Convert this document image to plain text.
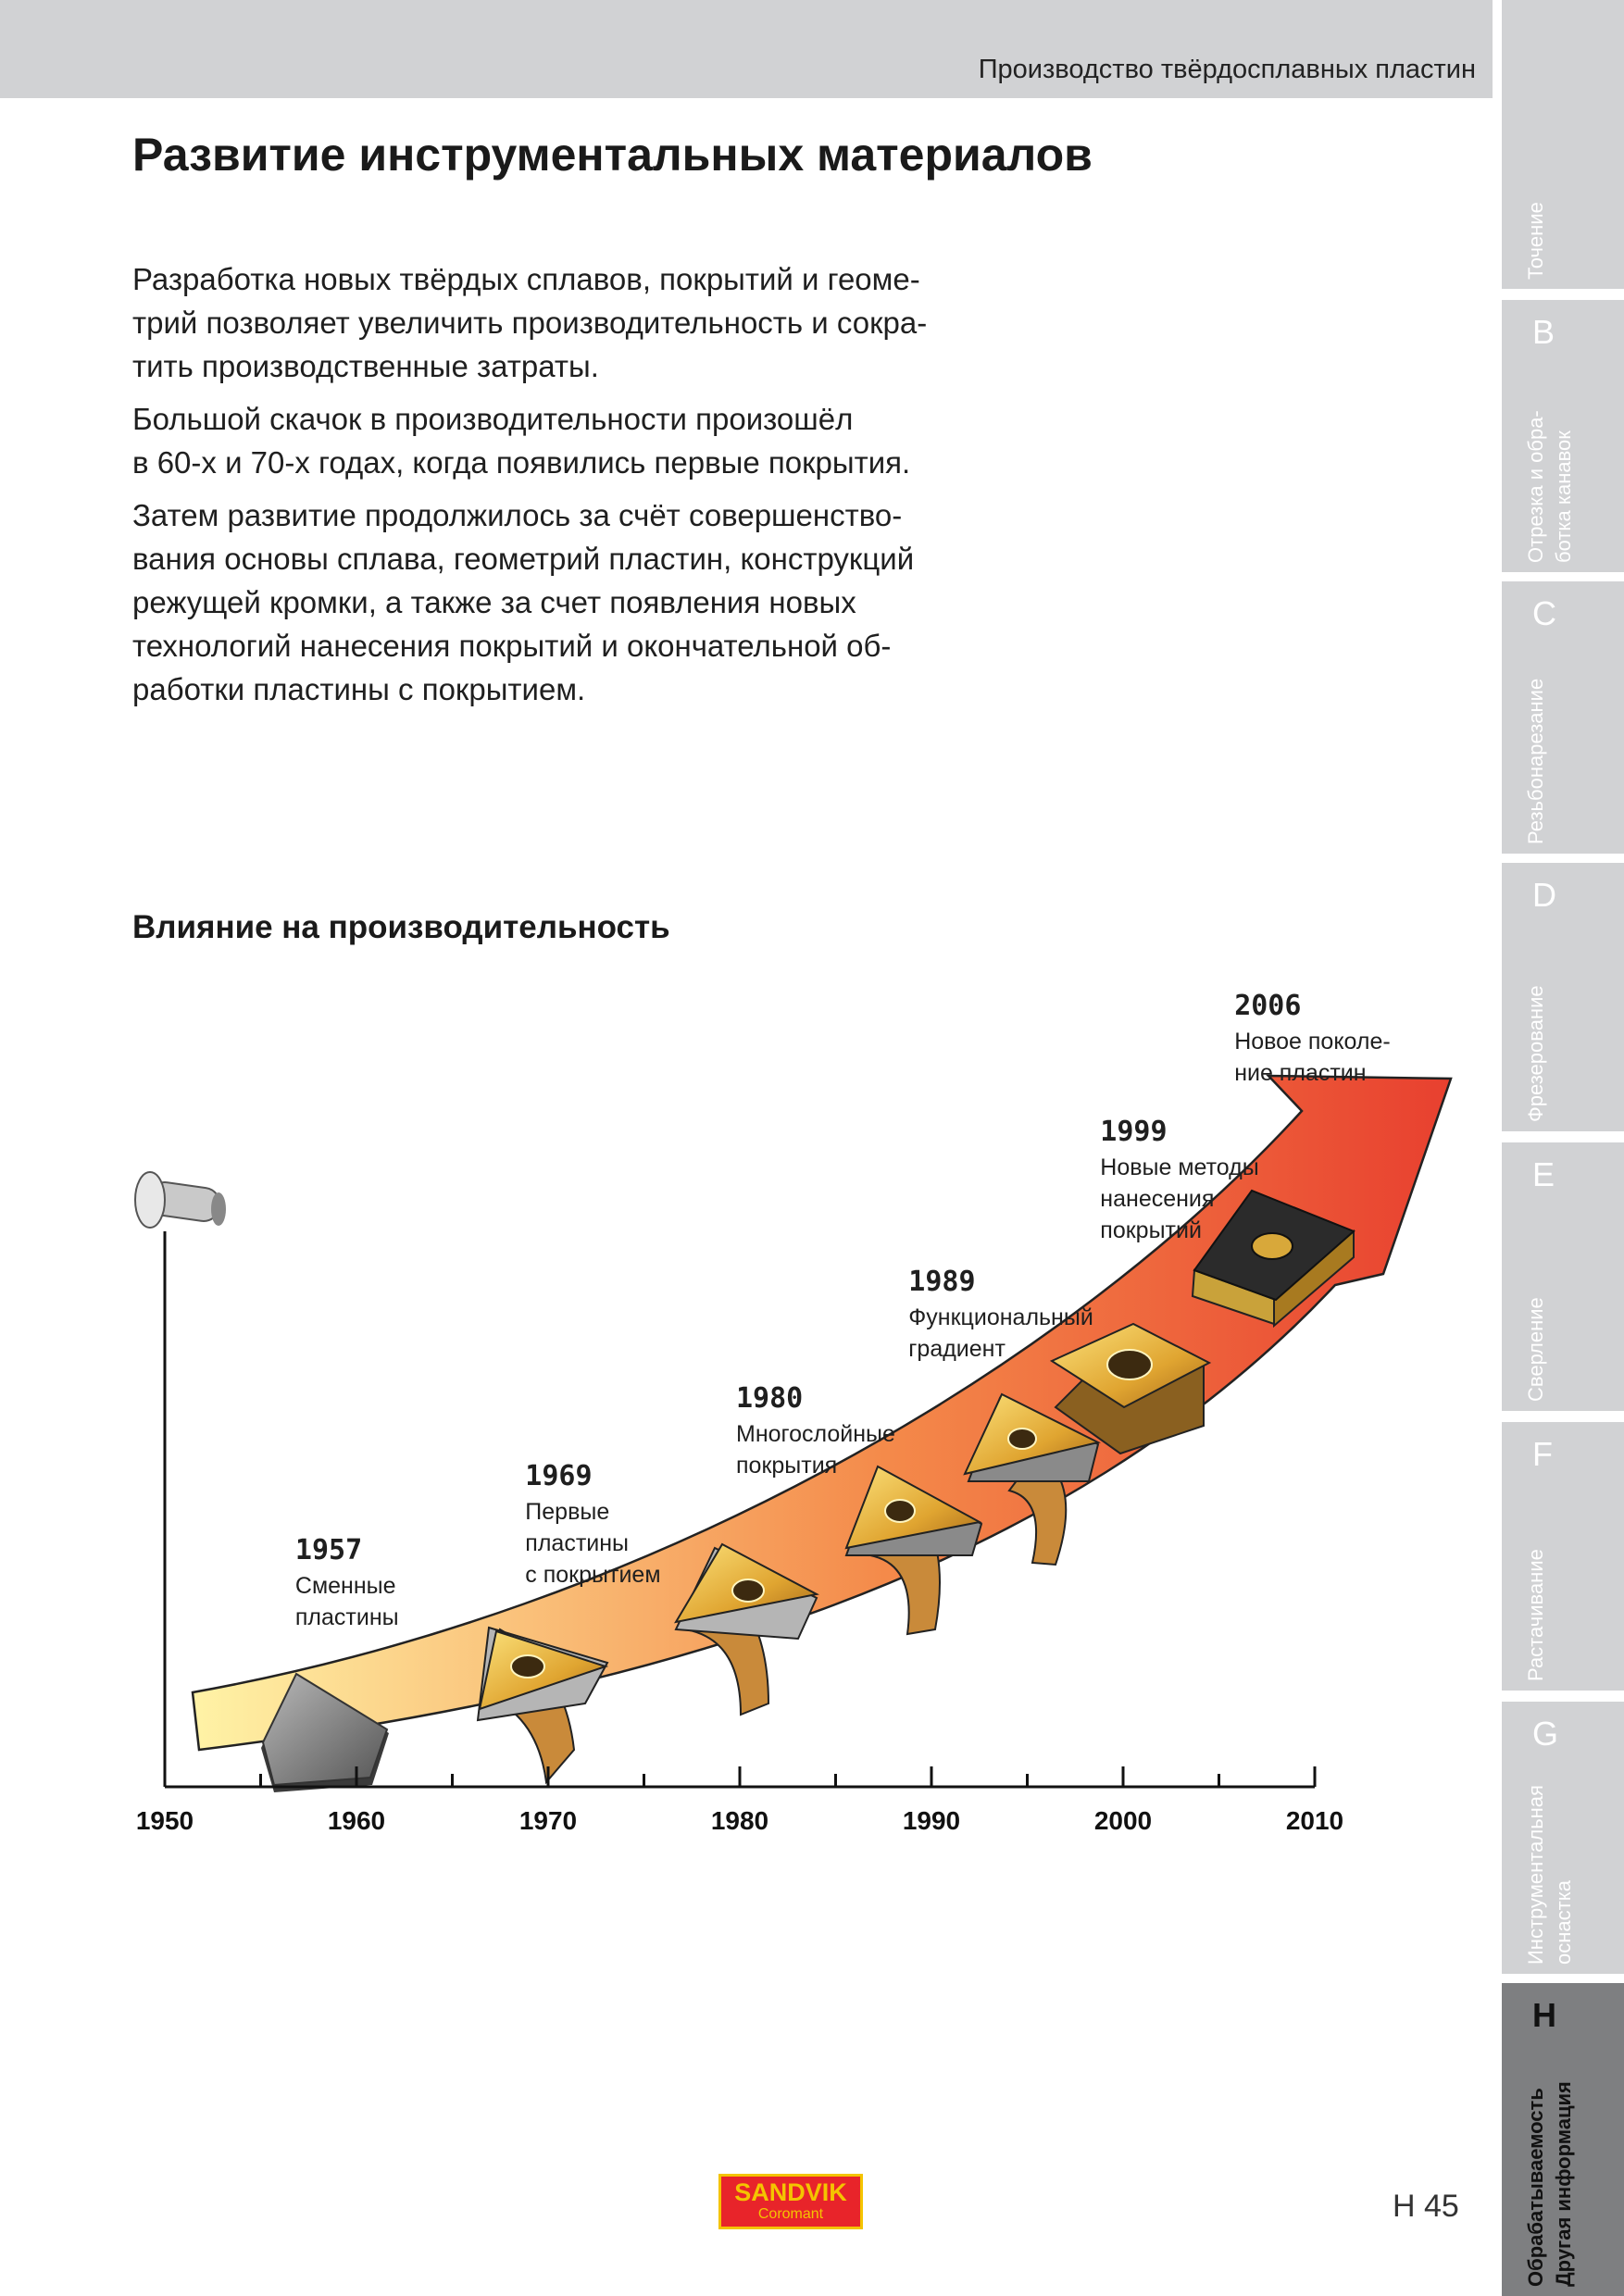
Производство твёрдосплавных пластин
Развитие инструментальных материалов

Разработка новых твёрдых сплавов, покрытий и геоме-
трий позволяет увеличить производительность и сокра-
тить производственные затраты.

Большой скачок в производительности произошёл
в 60-х и 70-х годах, когда появились первые покрытия.

Затем развитие продолжилось за счёт совершенство-
вания основы сплава, геометрий пластин, конструкций
режущей кромки, а также за счет появления новых
технологий нанесения покрытий и окончательной об-
работки пластины с покрытием.

Влияние на производительность
1950	1960	1970	1980	1990	2000	2010
1957
Сменные
пластины
1969
Первые
пластины
с покрытием
1980
Многослойные
покрытия
1989
Функциональный
градиент
1999
Новые методы
нанесения
покрытий
2006
Новое поколе-
ние пластин
Точение
B
Отрезка и обра-
ботка канавок
C
Резьбонарезание
D
Фрезерование
E
Сверление
F
Растачивание
G
Инструментальная
оснастка
H
Обрабатываемость
Другая информация
SANDVIK
Coromant	H 45
